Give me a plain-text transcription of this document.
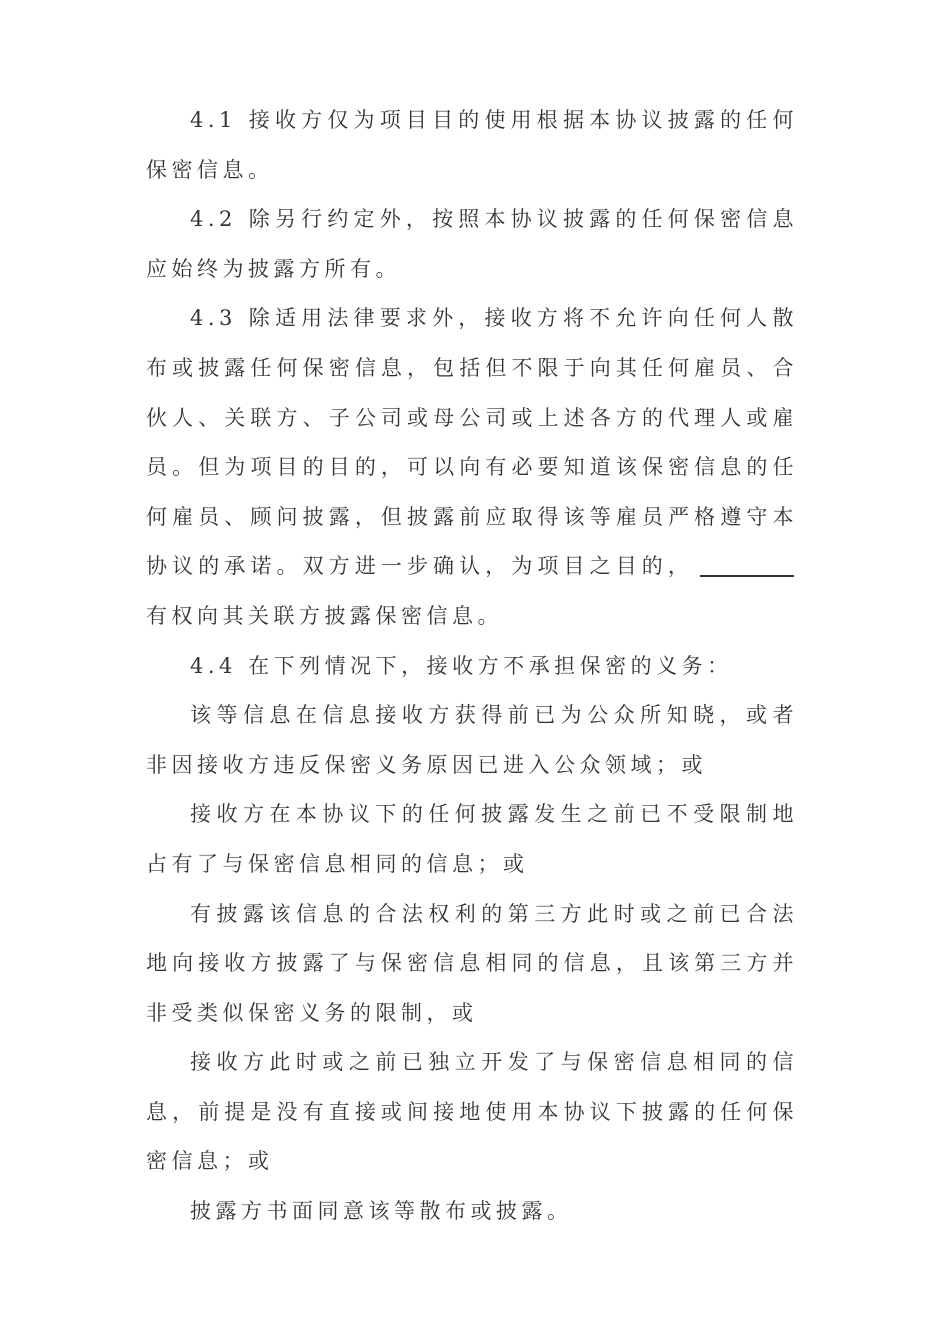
4.1 接收方仅为项目目的使用根据本协议披露的任何保密信息。

4.2 除另行约定外，按照本协议披露的任何保密信息应始终为披露方所有。

4.3 除适用法律要求外，接收方将不允许向任何人散布或披露任何保密信息，包括但不限于向其任何雇员、合伙人、关联方、子公司或母公司或上述各方的代理人或雇员。但为项目的目的，可以向有必要知道该保密信息的任何雇员、顾问披露，但披露前应取得该等雇员严格遵守本协议的承诺。双方进一步确认，为项目之目的，有权向其关联方披露保密信息。

4.4 在下列情况下，接收方不承担保密的义务：

该等信息在信息接收方获得前已为公众所知晓，或者非因接收方违反保密义务原因已进入公众领域；或

接收方在本协议下的任何披露发生之前已不受限制地占有了与保密信息相同的信息；或

有披露该信息的合法权利的第三方此时或之前已合法地向接收方披露了与保密信息相同的信息，且该第三方并非受类似保密义务的限制，或

接收方此时或之前已独立开发了与保密信息相同的信息，前提是没有直接或间接地使用本协议下披露的任何保密信息；或

披露方书面同意该等散布或披露。
